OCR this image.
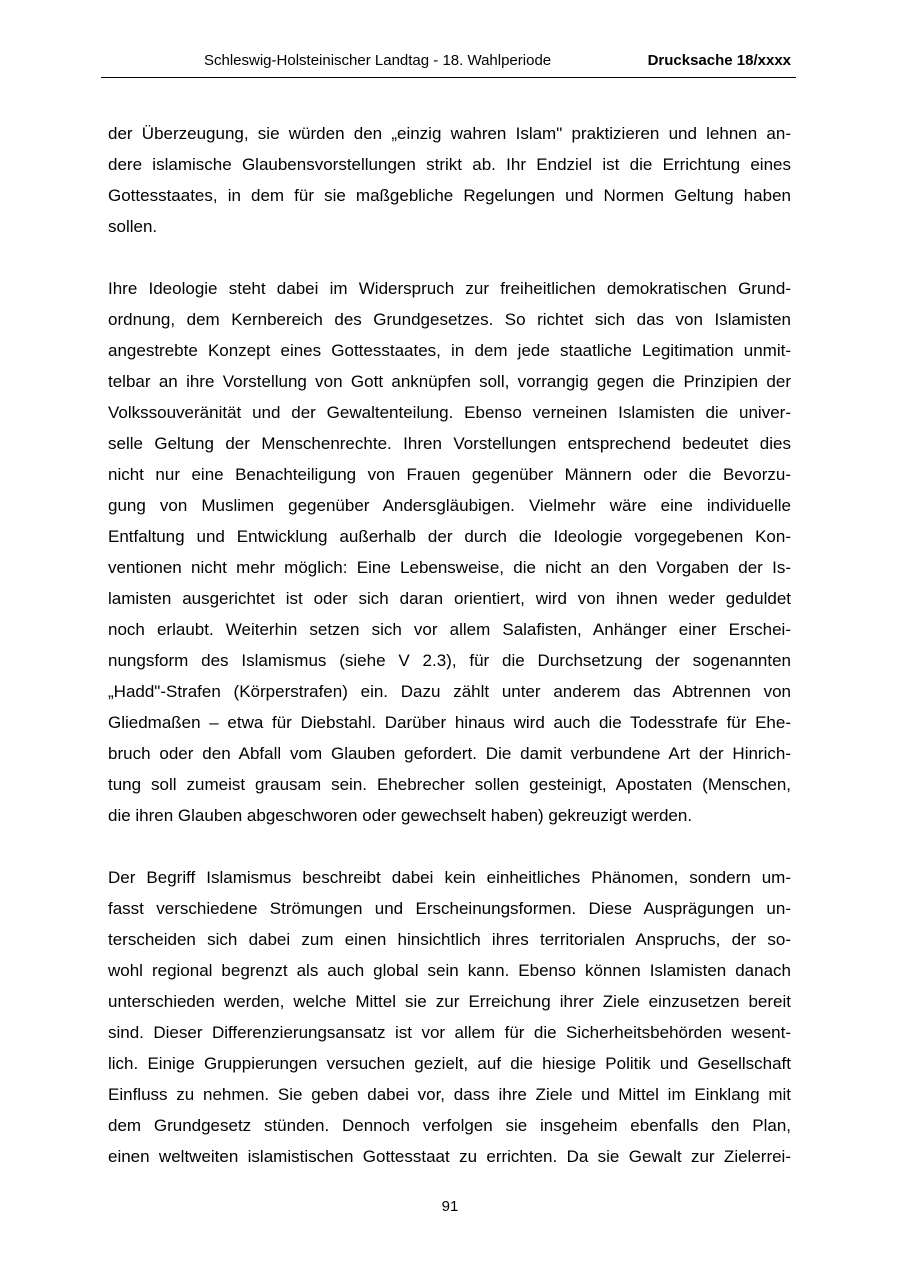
Schleswig-Holsteinischer Landtag - 18. Wahlperiode	Drucksache 18/xxxx

der Überzeugung, sie würden den „einzig wahren Islam" praktizieren und lehnen an-
dere islamische Glaubensvorstellungen strikt ab. Ihr Endziel ist die Errichtung eines
Gottesstaates, in dem für sie maßgebliche Regelungen und Normen Geltung haben
sollen.

Ihre Ideologie steht dabei im Widerspruch zur freiheitlichen demokratischen Grund-
ordnung, dem Kernbereich des Grundgesetzes. So richtet sich das von Islamisten
angestrebte Konzept eines Gottesstaates, in dem jede staatliche Legitimation unmit-
telbar an ihre Vorstellung von Gott anknüpfen soll, vorrangig gegen die Prinzipien der
Volkssouveränität und der Gewaltenteilung. Ebenso verneinen Islamisten die univer-
selle Geltung der Menschenrechte. Ihren Vorstellungen entsprechend bedeutet dies
nicht nur eine Benachteiligung von Frauen gegenüber Männern oder die Bevorzu-
gung von Muslimen gegenüber Andersgläubigen. Vielmehr wäre eine individuelle
Entfaltung und Entwicklung außerhalb der durch die Ideologie vorgegebenen Kon-
ventionen nicht mehr möglich: Eine Lebensweise, die nicht an den Vorgaben der Is-
lamisten ausgerichtet ist oder sich daran orientiert, wird von ihnen weder geduldet
noch erlaubt. Weiterhin setzen sich vor allem Salafisten, Anhänger einer Erschei-
nungsform des Islamismus (siehe V 2.3), für die Durchsetzung der sogenannten
„Hadd"-Strafen (Körperstrafen) ein. Dazu zählt unter anderem das Abtrennen von
Gliedmaßen – etwa für Diebstahl. Darüber hinaus wird auch die Todesstrafe für Ehe-
bruch oder den Abfall vom Glauben gefordert. Die damit verbundene Art der Hinrich-
tung soll zumeist grausam sein. Ehebrecher sollen gesteinigt, Apostaten (Menschen,
die ihren Glauben abgeschworen oder gewechselt haben) gekreuzigt werden.

Der Begriff Islamismus beschreibt dabei kein einheitliches Phänomen, sondern um-
fasst verschiedene Strömungen und Erscheinungsformen. Diese Ausprägungen un-
terscheiden sich dabei zum einen hinsichtlich ihres territorialen Anspruchs, der so-
wohl regional begrenzt als auch global sein kann. Ebenso können Islamisten danach
unterschieden werden, welche Mittel sie zur Erreichung ihrer Ziele einzusetzen bereit
sind. Dieser Differenzierungsansatz ist vor allem für die Sicherheitsbehörden wesent-
lich. Einige Gruppierungen versuchen gezielt, auf die hiesige Politik und Gesellschaft
Einfluss zu nehmen. Sie geben dabei vor, dass ihre Ziele und Mittel im Einklang mit
dem Grundgesetz stünden. Dennoch verfolgen sie insgeheim ebenfalls den Plan,
einen weltweiten islamistischen Gottesstaat zu errichten. Da sie Gewalt zur Zielerrei-

91
